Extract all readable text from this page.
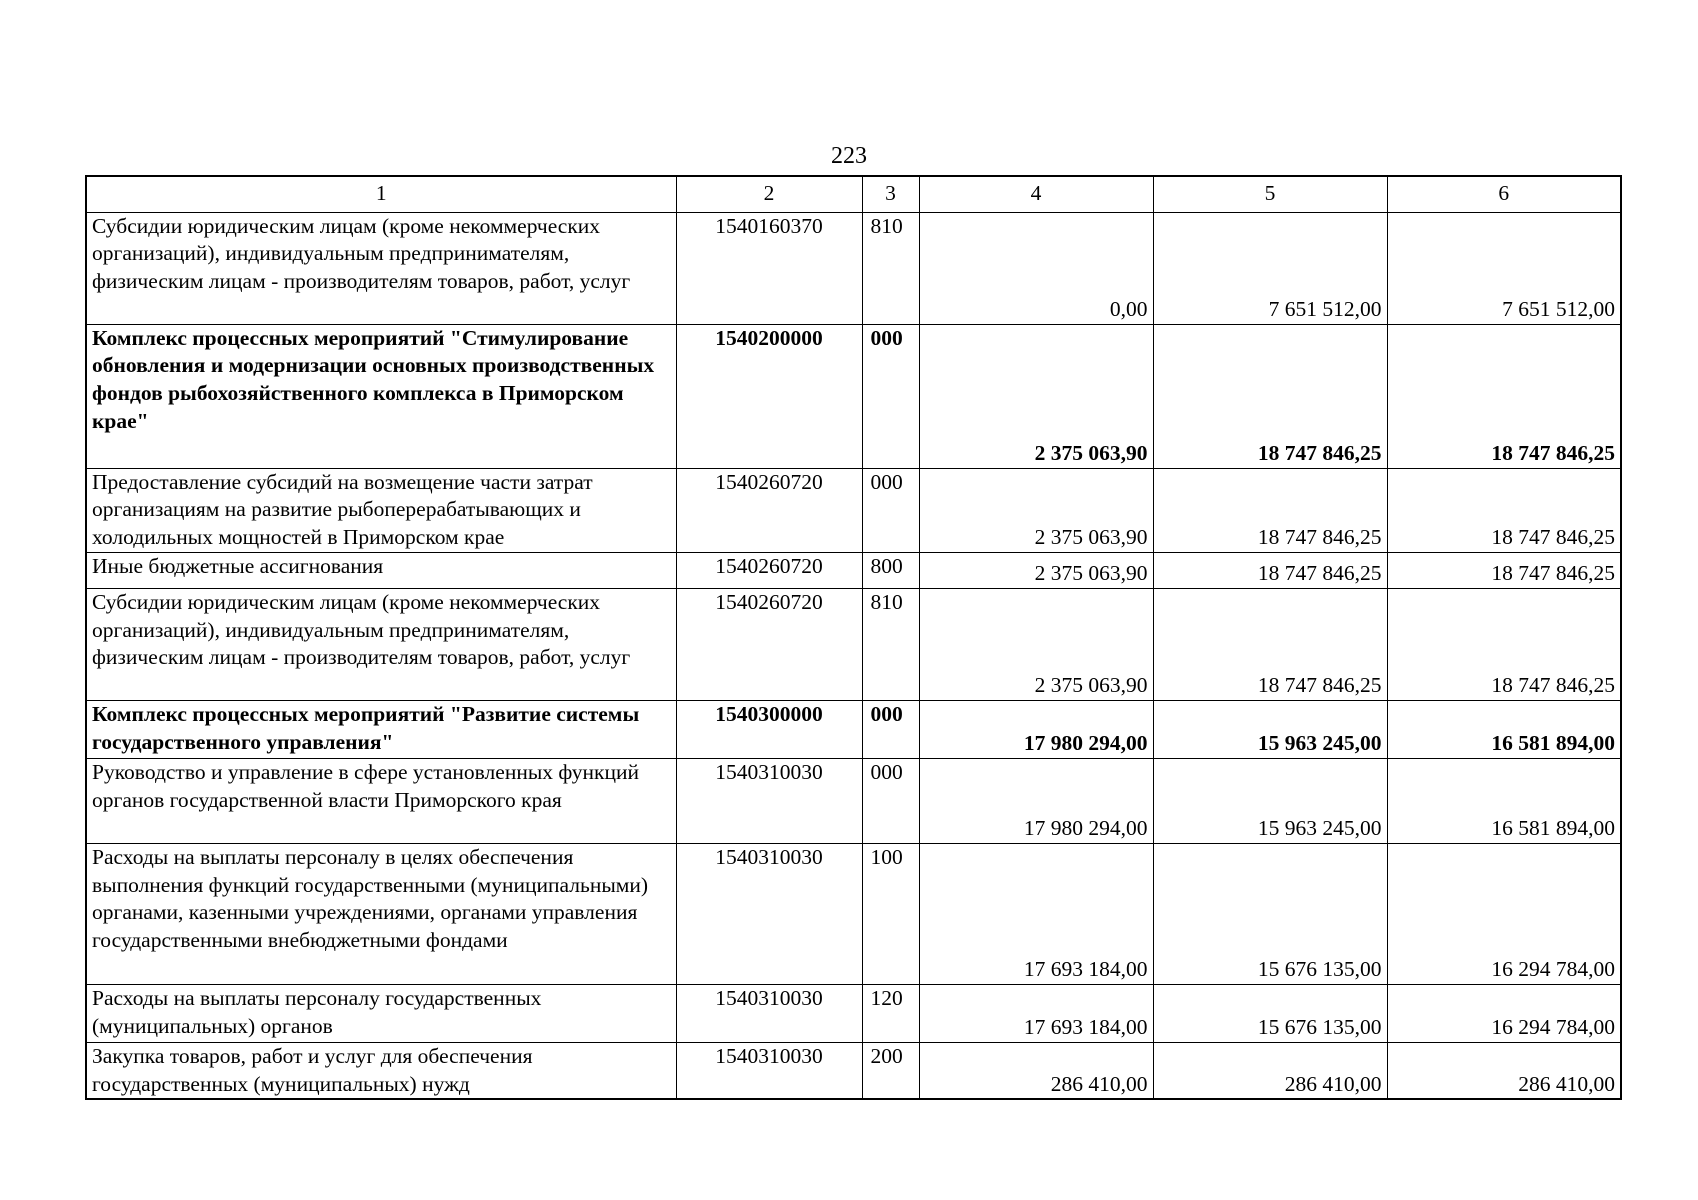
223
1	2	3	4	5	6
Субсидии юридическим лицам (кроме некоммерческих организаций), индивидуальным предпринимателям, физическим лицам - производителям товаров, работ, услуг	1540160370	810	0,00	7 651 512,00	7 651 512,00
Комплекс процессных мероприятий "Стимулирование обновления и модернизации основных производственных фондов рыбохозяйственного комплекса в Приморском крае"	1540200000	000	2 375 063,90	18 747 846,25	18 747 846,25
Предоставление субсидий на возмещение части затрат организациям на развитие рыбоперерабатывающих и холодильных мощностей в Приморском крае	1540260720	000	2 375 063,90	18 747 846,25	18 747 846,25
Иные бюджетные ассигнования	1540260720	800	2 375 063,90	18 747 846,25	18 747 846,25
Субсидии юридическим лицам (кроме некоммерческих организаций), индивидуальным предпринимателям, физическим лицам - производителям товаров, работ, услуг	1540260720	810	2 375 063,90	18 747 846,25	18 747 846,25
Комплекс процессных мероприятий "Развитие системы государственного управления"	1540300000	000	17 980 294,00	15 963 245,00	16 581 894,00
Руководство и управление в сфере установленных функций органов государственной власти Приморского края	1540310030	000	17 980 294,00	15 963 245,00	16 581 894,00
Расходы на выплаты персоналу в целях обеспечения выполнения функций государственными (муниципальными) органами, казенными учреждениями, органами управления государственными внебюджетными фондами	1540310030	100	17 693 184,00	15 676 135,00	16 294 784,00
Расходы на выплаты персоналу государственных (муниципальных) органов	1540310030	120	17 693 184,00	15 676 135,00	16 294 784,00
Закупка товаров, работ и услуг для обеспечения государственных (муниципальных) нужд	1540310030	200	286 410,00	286 410,00	286 410,00
